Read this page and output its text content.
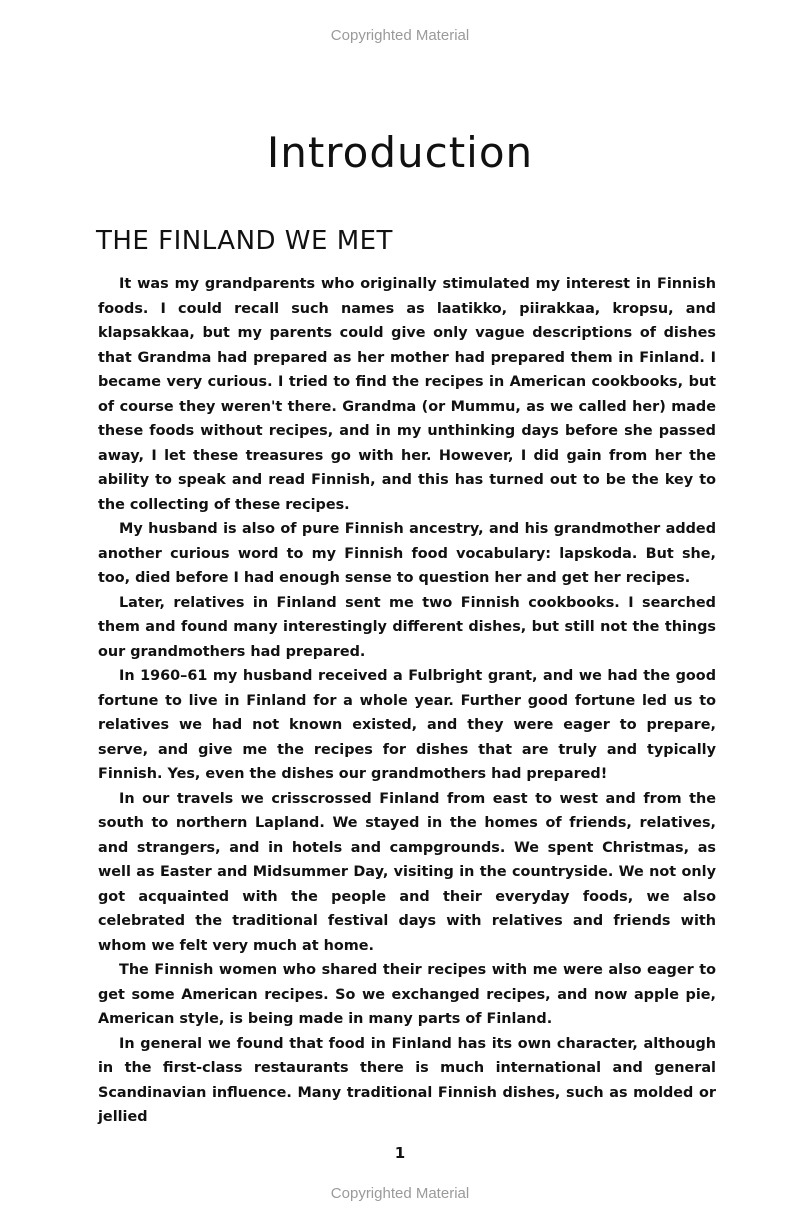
Copyrighted Material
Introduction
THE FINLAND WE MET

It was my grandparents who originally stimulated my interest in Finnish foods. I could recall such names as laatikko, piirakkaa, kropsu, and klapsakkaa, but my parents could give only vague descriptions of dishes that Grandma had prepared as her mother had prepared them in Finland. I became very curious. I tried to find the recipes in American cookbooks, but of course they weren't there. Grandma (or Mummu, as we called her) made these foods without recipes, and in my unthinking days before she passed away, I let these treasures go with her. However, I did gain from her the ability to speak and read Finnish, and this has turned out to be the key to the collecting of these recipes.

My husband is also of pure Finnish ancestry, and his grandmother added another curious word to my Finnish food vocabulary: lapskoda. But she, too, died before I had enough sense to question her and get her recipes.

Later, relatives in Finland sent me two Finnish cookbooks. I searched them and found many interestingly different dishes, but still not the things our grandmothers had prepared.

In 1960–61 my husband received a Fulbright grant, and we had the good fortune to live in Finland for a whole year. Further good fortune led us to relatives we had not known existed, and they were eager to prepare, serve, and give me the recipes for dishes that are truly and typically Finnish. Yes, even the dishes our grandmothers had prepared!

In our travels we crisscrossed Finland from east to west and from the south to northern Lapland. We stayed in the homes of friends, relatives, and strangers, and in hotels and campgrounds. We spent Christmas, as well as Easter and Midsummer Day, visiting in the countryside. We not only got acquainted with the people and their everyday foods, we also celebrated the traditional festival days with relatives and friends with whom we felt very much at home.

The Finnish women who shared their recipes with me were also eager to get some American recipes. So we exchanged recipes, and now apple pie, American style, is being made in many parts of Finland.

In general we found that food in Finland has its own character, although in the first-class restaurants there is much international and general Scandinavian influence. Many traditional Finnish dishes, such as molded or jellied

1
Copyrighted Material
